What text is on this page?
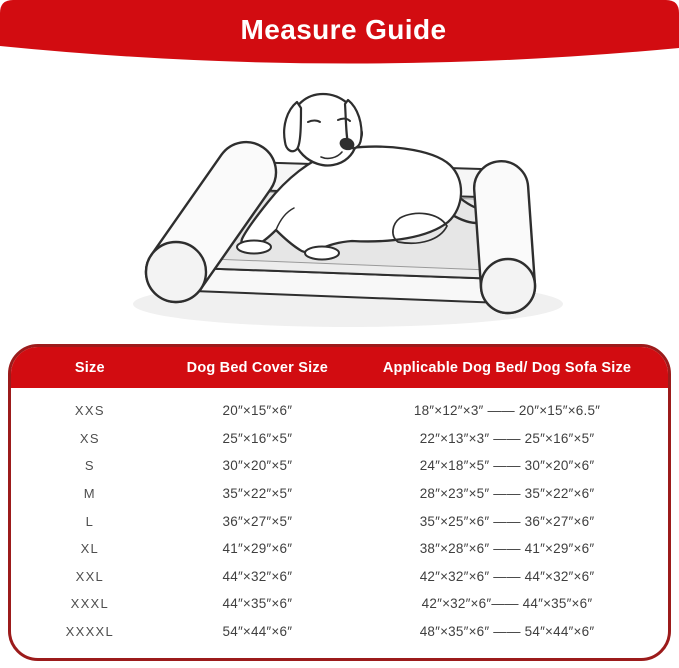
Measure Guide
Size	Dog Bed Cover Size	Applicable Dog Bed/ Dog Sofa Size
XXS	20″×15″×6″	18″×12″×3″ —— 20″×15″×6.5″
XS	25″×16″×5″	22″×13″×3″ —— 25″×16″×5″
S	30″×20″×5″	24″×18″×5″ —— 30″×20″×6″
M	35″×22″×5″	28″×23″×5″ —— 35″×22″×6″
L	36″×27″×5″	35″×25″×6″ —— 36″×27″×6″
XL	41″×29″×6″	38″×28″×6″ —— 41″×29″×6″
XXL	44″×32″×6″	42″×32″×6″ —— 44″×32″×6″
XXXL	44″×35″×6″	42″×32″×6″—— 44″×35″×6″
XXXXL	54″×44″×6″	48″×35″×6″ —— 54″×44″×6″
